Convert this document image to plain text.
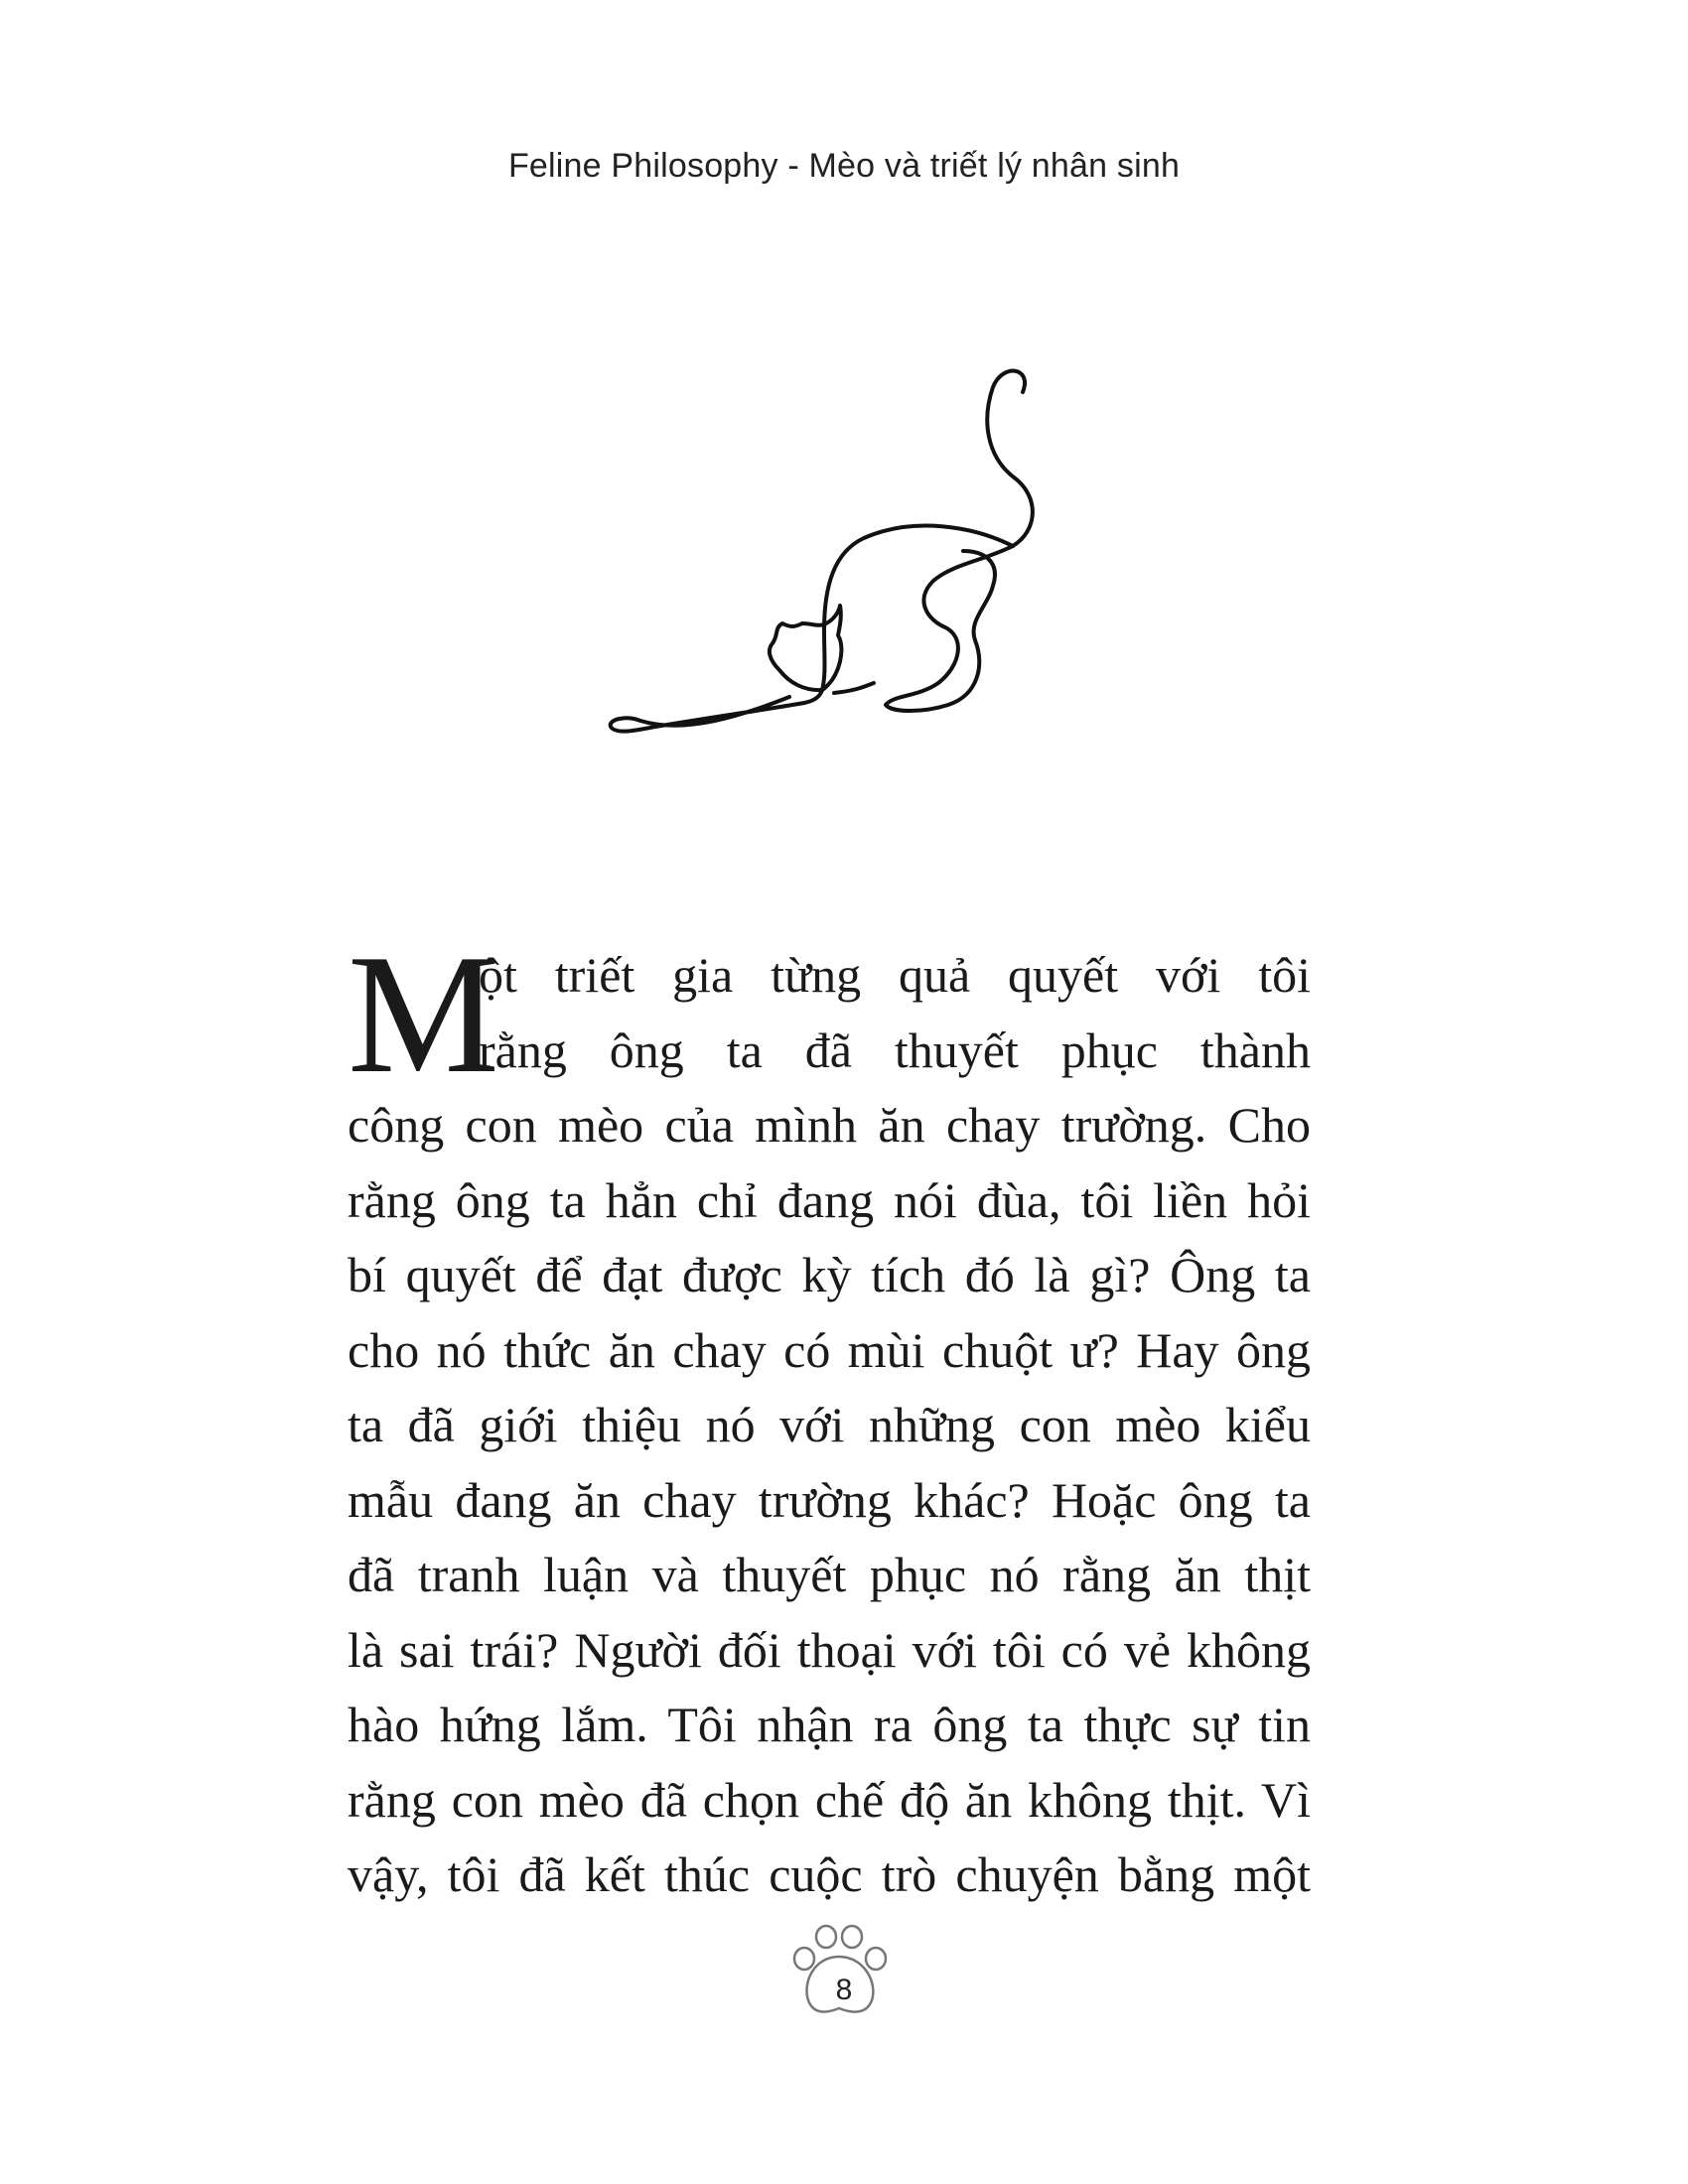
Feline Philosophy - Mèo và triết lý nhân sinh
M
ột triết gia từng quả quyết với tôi
rằng ông ta đã thuyết phục thành
công con mèo của mình ăn chay trường. Cho
rằng ông ta hẳn chỉ đang nói đùa, tôi liền hỏi
bí quyết để đạt được kỳ tích đó là gì? Ông ta
cho nó thức ăn chay có mùi chuột ư? Hay ông
ta đã giới thiệu nó với những con mèo kiểu
mẫu đang ăn chay trường khác? Hoặc ông ta
đã tranh luận và thuyết phục nó rằng ăn thịt
là sai trái? Người đối thoại với tôi có vẻ không
hào hứng lắm. Tôi nhận ra ông ta thực sự tin
rằng con mèo đã chọn chế độ ăn không thịt. Vì
vậy, tôi đã kết thúc cuộc trò chuyện bằng một
8
